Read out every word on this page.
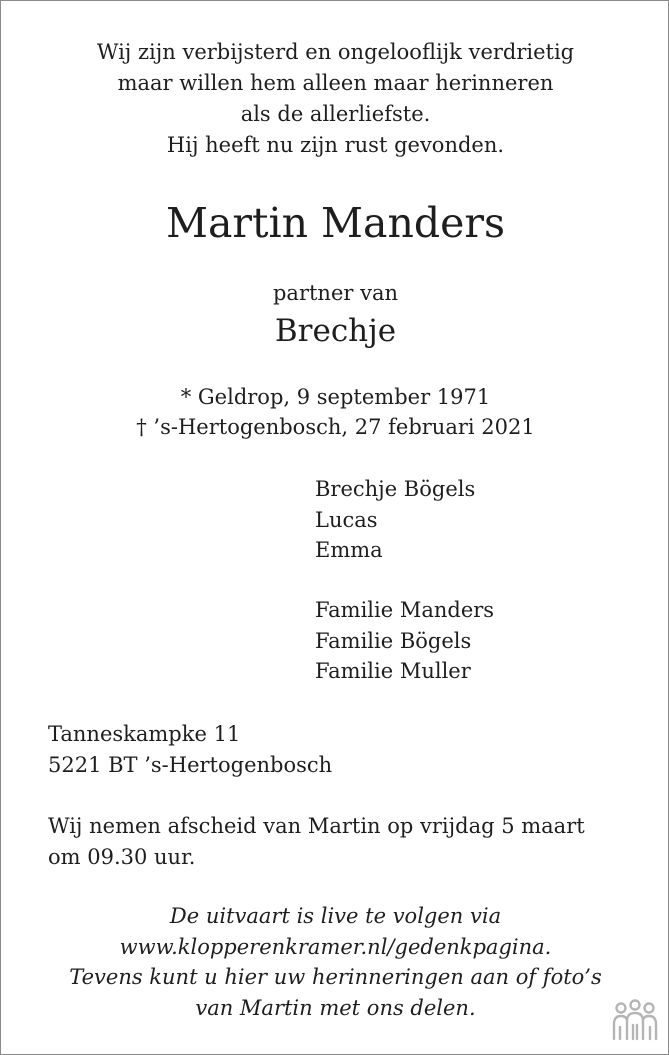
Wij zijn verbijsterd en ongelooflijk verdrietig
maar willen hem alleen maar herinneren
als de allerliefste.
Hij heeft nu zijn rust gevonden.
Martin Manders
partner van
Brechje
* Geldrop, 9 september 1971
† ’s-Hertogenbosch, 27 februari 2021
Brechje Bögels
Lucas
Emma
Familie Manders
Familie Bögels
Familie Muller
Tanneskampke 11
5221 BT ’s-Hertogenbosch
Wij nemen afscheid van Martin op vrijdag 5 maart
om 09.30 uur.
De uitvaart is live te volgen via
www.klopperenkramer.nl/gedenkpagina.
Tevens kunt u hier uw herinneringen aan of foto’s
van Martin met ons delen.
